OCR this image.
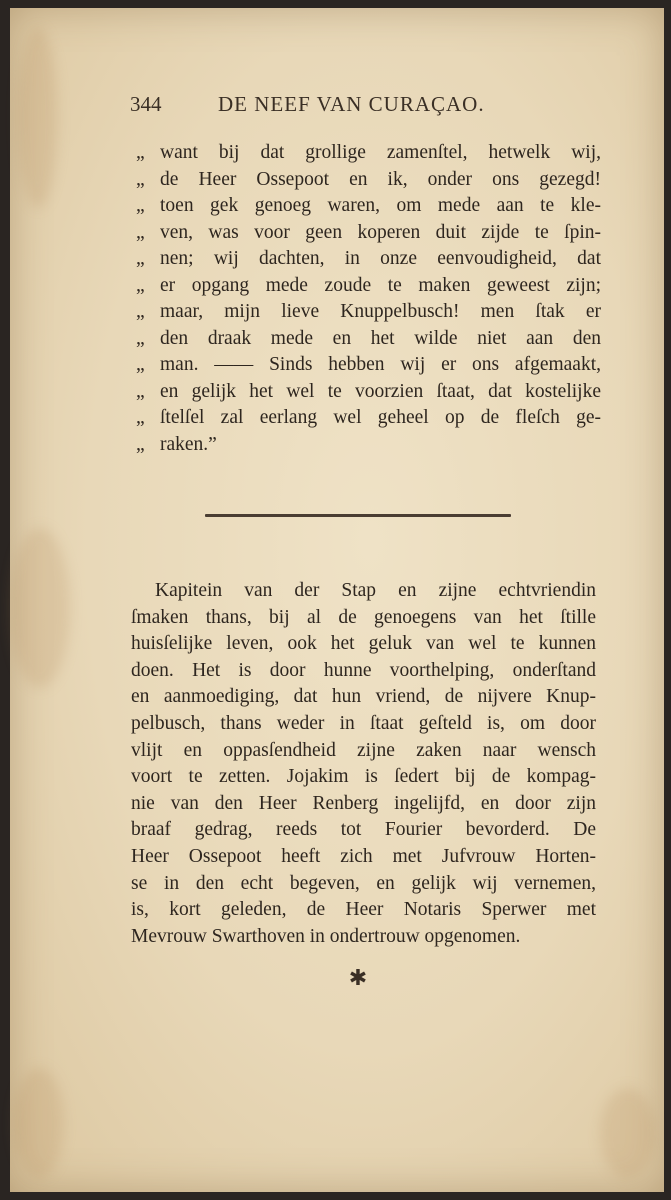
344	DE NEEF VAN CURAÇAO.
„ want bij dat grollige zamenſtel, hetwelk wij,
„ de Heer Ossepoot en ik, onder ons gezegd!
„ toen gek genoeg waren, om mede aan te kle-
„ ven, was voor geen koperen duit zijde te ſpin-
„ nen; wij dachten, in onze eenvoudigheid, dat
„ er opgang mede zoude te maken geweest zijn;
„ maar, mijn lieve Knuppelbusch! men ſtak er
„ den draak mede en het wilde niet aan den
„ man. —— Sinds hebben wij er ons afgemaakt,
„ en gelijk het wel te voorzien ſtaat, dat kostelijke
„ ſtelſel zal eerlang wel geheel op de fleſch ge-
„ raken.”
Kapitein van der Stap en zijne echtvriendin
ſmaken thans, bij al de genoegens van het ſtille
huisſelijke leven, ook het geluk van wel te kunnen
doen. Het is door hunne voorthelping, onderſtand
en aanmoediging, dat hun vriend, de nijvere Knup-
pelbusch, thans weder in ſtaat geſteld is, om door
vlijt en oppasſendheid zijne zaken naar wensch
voort te zetten. Jojakim is ſedert bij de kompag-
nie van den Heer Renberg ingelijfd, en door zijn
braaf gedrag, reeds tot Fourier bevorderd. De
Heer Ossepoot heeft zich met Jufvrouw Horten-
se in den echt begeven, en gelijk wij vernemen,
is, kort geleden, de Heer Notaris Sperwer met
Mevrouw Swarthoven in ondertrouw opgenomen.
✱
